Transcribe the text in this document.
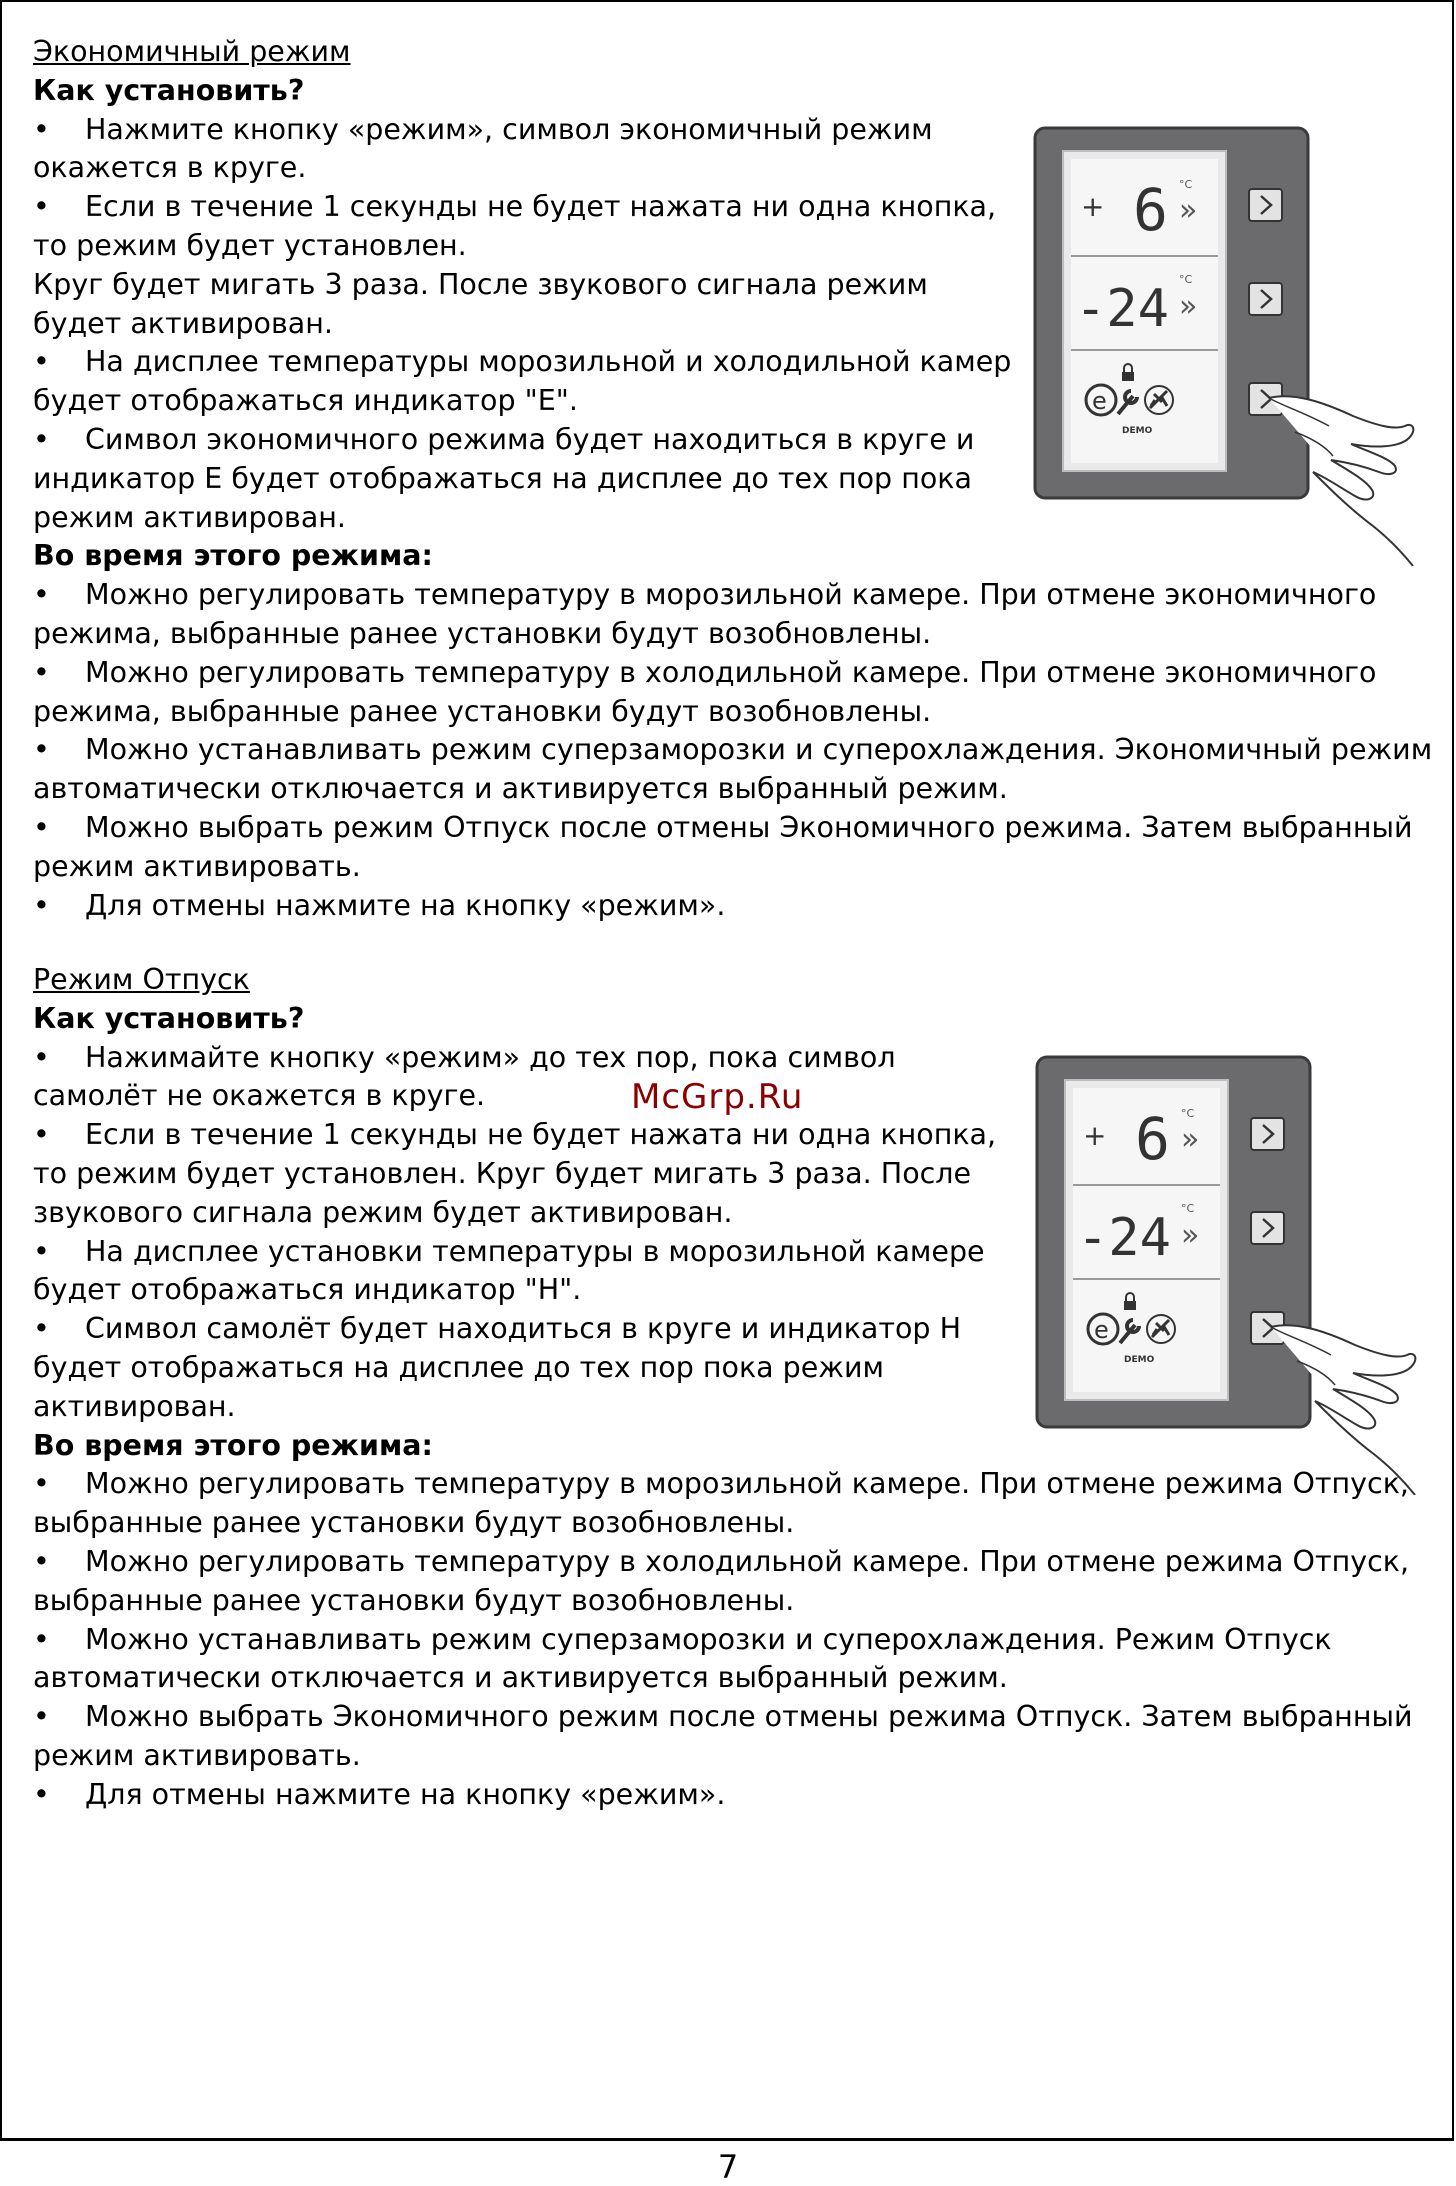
Экономичный режим

Как установить?

• Нажмите кнопку «режим», символ экономичный режим

окажется в круге.

• Если в течение 1 секунды не будет нажата ни одна кнопка,

то режим будет установлен.

Круг будет мигать 3 раза. После звукового сигнала режим

будет активирован.

• На дисплее температуры морозильной и холодильной камер

будет отображаться индикатор "E".

• Символ экономичного режима будет находиться в круге и

индикатор E будет отображаться на дисплее до тех пор пока

режим активирован.

Во время этого режима:

• Можно регулировать температуру в морозильной камере. При отмене экономичного

режима, выбранные ранее установки будут возобновлены.

• Можно регулировать температуру в холодильной камере. При отмене экономичного

режима, выбранные ранее установки будут возобновлены.

• Можно устанавливать режим суперзаморозки и суперохлаждения. Экономичный режим

автоматически отключается и активируется выбранный режим.

• Можно выбрать режим Отпуск после отмены Экономичного режима. Затем выбранный

режим активировать.

• Для отмены нажмите на кнопку «режим».

Режим Отпуск

Как установить?

• Нажимайте кнопку «режим» до тех пор, пока символ

самолёт не окажется в круге.

• Если в течение 1 секунды не будет нажата ни одна кнопка,

то режим будет установлен. Круг будет мигать 3 раза. После

звукового сигнала режим будет активирован.

• На дисплее установки температуры в морозильной камере

будет отображаться индикатор "H".

• Символ самолёт будет находиться в круге и индикатор H

будет отображаться на дисплее до тех пор пока режим

активирован.

Во время этого режима:

• Можно регулировать температуру в морозильной камере. При отмене режима Отпуск,

выбранные ранее установки будут возобновлены.

• Можно регулировать температуру в холодильной камере. При отмене режима Отпуск,

выбранные ранее установки будут возобновлены.

• Можно устанавливать режим суперзаморозки и суперохлаждения. Режим Отпуск

автоматически отключается и активируется выбранный режим.

• Можно выбрать Экономичного режим после отмены режима Отпуск. Затем выбранный

режим активировать.

• Для отмены нажмите на кнопку «режим».

McGrp.Ru
+ 6 °C
»
-24 °C
»
e
DEMO
7
+ 6 °C
»
-24 °C
»
e
DEMO
